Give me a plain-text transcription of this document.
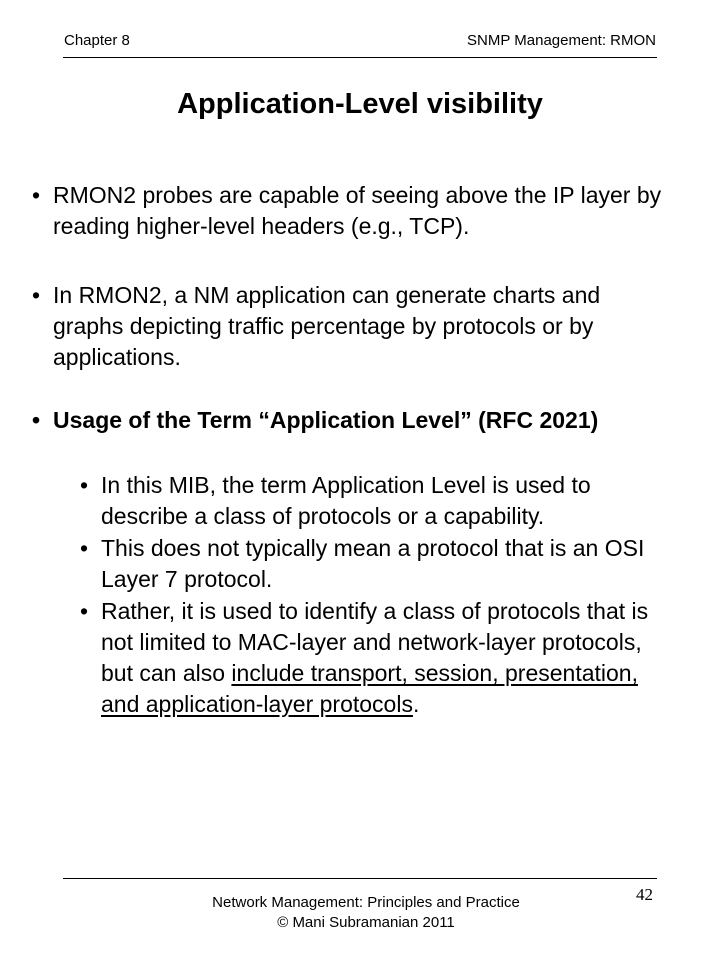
Chapter 8	SNMP Management: RMON
Application-Level visibility
• RMON2 probes are capable of seeing above the IP layer by reading higher-level headers (e.g., TCP).
• In RMON2, a NM application can generate charts and graphs depicting traffic percentage by protocols or by applications.
• Usage of the Term “Application Level” (RFC 2021)
• In this MIB, the term Application Level is used to describe a class of protocols or a capability.
• This does not typically mean a protocol that is an OSI Layer 7 protocol.
• Rather, it is used to identify a class of protocols that is not limited to MAC-layer and network-layer protocols, but can also include transport, session, presentation, and application-layer protocols.
42
Network Management: Principles and Practice
© Mani Subramanian 2011
